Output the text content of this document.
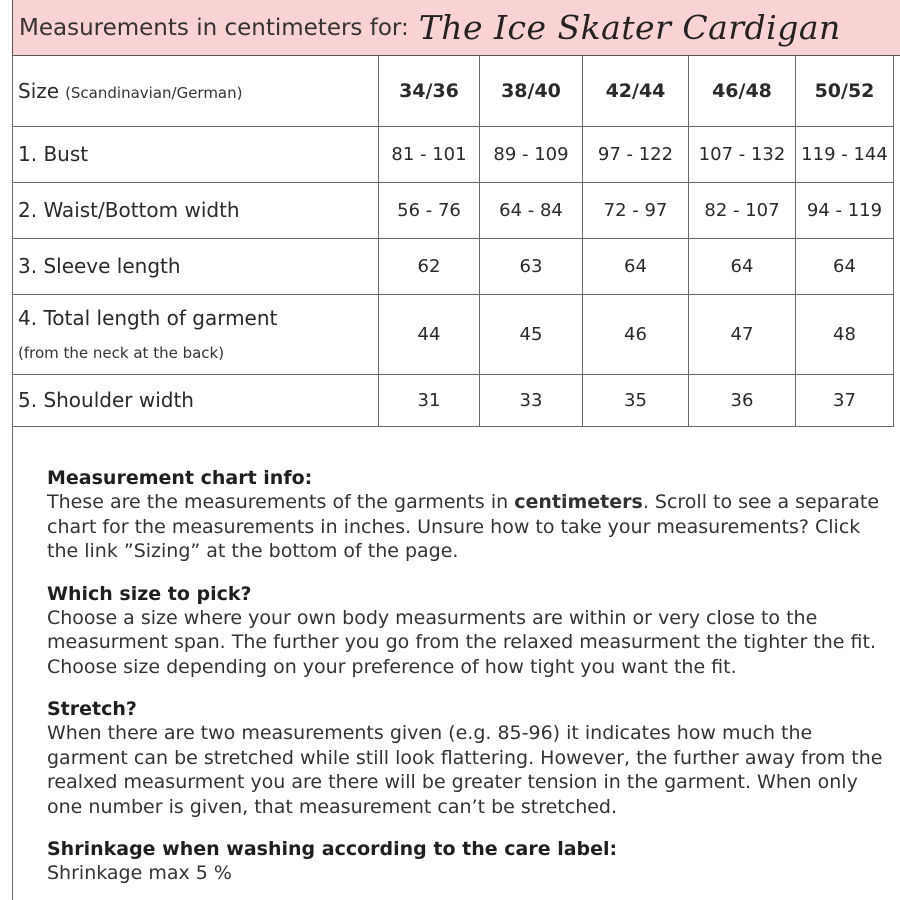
Measurements in centimeters for: The Ice Skater Cardigan
Size (Scandinavian/German)	34/36	38/40	42/44	46/48	50/52
1. Bust	81 - 101	89 - 109	97 - 122	107 - 132	119 - 144
2. Waist/Bottom width	56 - 76	64 - 84	72 - 97	82 - 107	94 - 119
3. Sleeve length	62	63	64	64	64
4. Total length of garment
(from the neck at the back)	44	45	46	47	48
5. Shoulder width	31	33	35	36	37
Measurement chart info:

These are the measurements of the garments in centimeters. Scroll to see a separate chart for the measurements in inches. Unsure how to take your measurements? Click the link ”Sizing” at the bottom of the page.

Which size to pick?

Choose a size where your own body measurments are within or very close to the measurment span. The further you go from the relaxed measurment the tighter the fit. Choose size depending on your preference of how tight you want the fit.

Stretch?

When there are two measurements given (e.g. 85-96) it indicates how much the garment can be stretched while still look flattering. However, the further away from the realxed measurment you are there will be greater tension in the garment. When only one number is given, that measurement can’t be stretched.

Shrinkage when washing according to the care label:

Shrinkage max 5 %
